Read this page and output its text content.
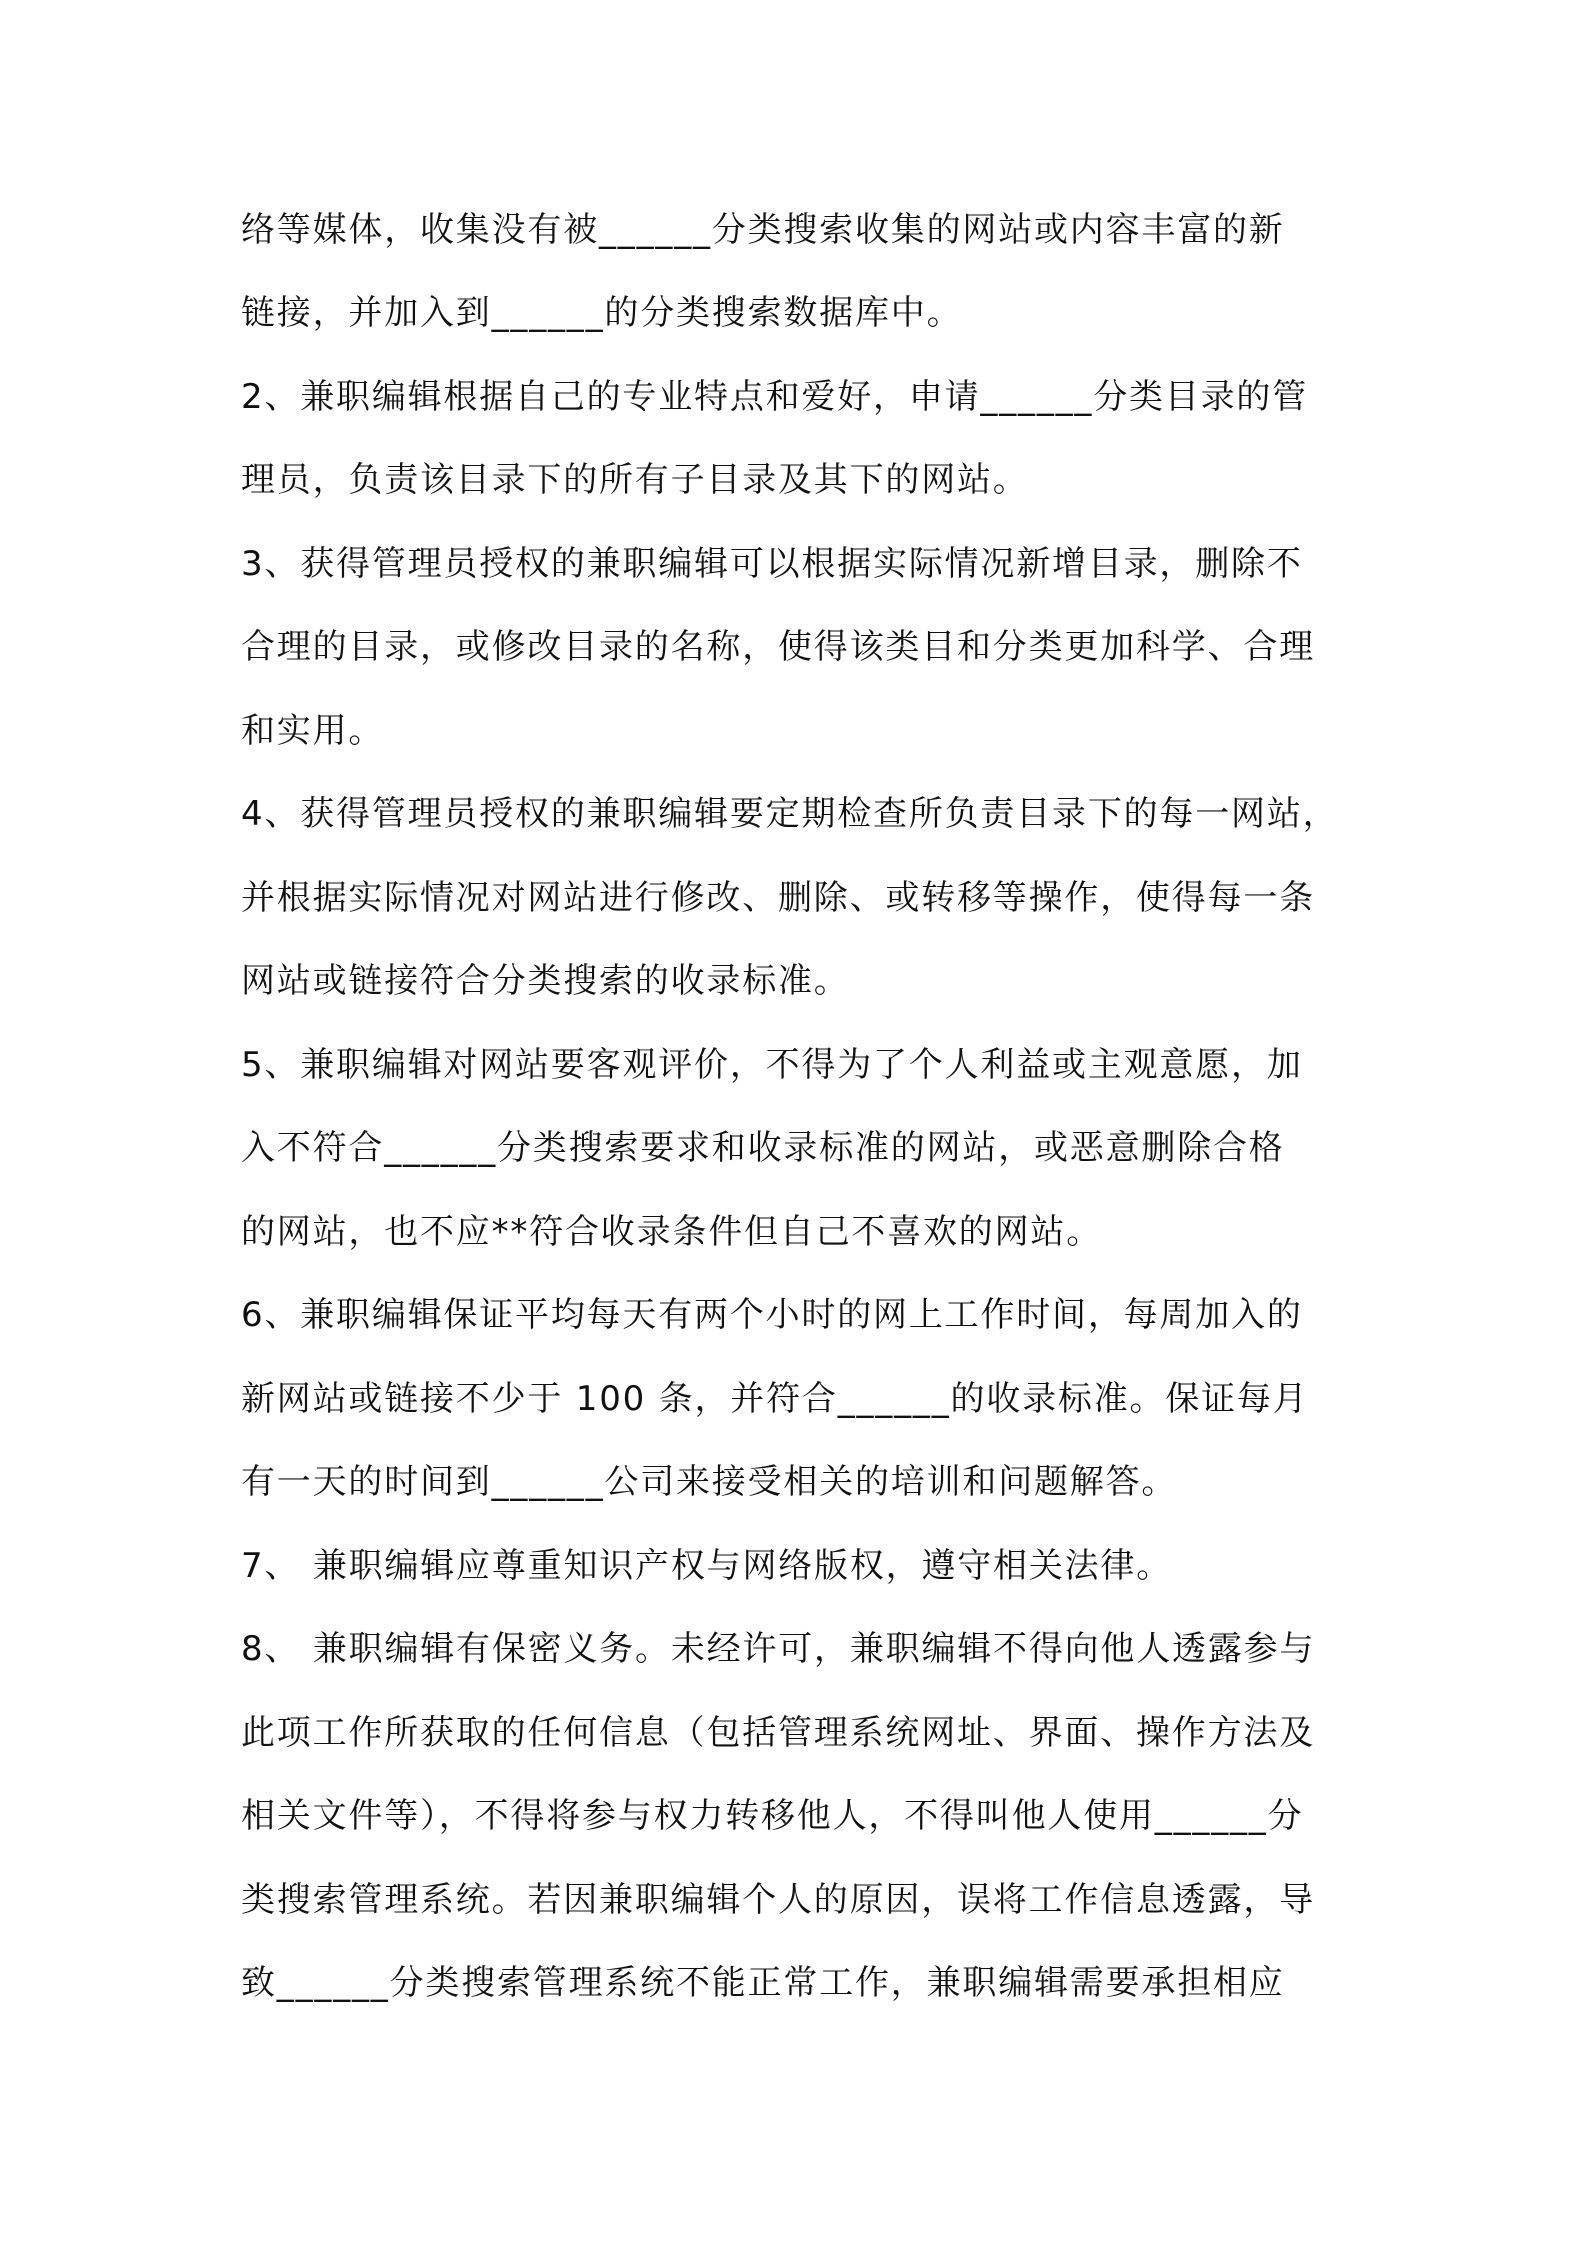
络等媒体，收集没有被______分类搜索收集的网站或内容丰富的新

链接，并加入到______的分类搜索数据库中。

2、兼职编辑根据自己的专业特点和爱好，申请______分类目录的管

理员，负责该目录下的所有子目录及其下的网站。

3、获得管理员授权的兼职编辑可以根据实际情况新增目录，删除不

合理的目录，或修改目录的名称，使得该类目和分类更加科学、合理

和实用。

4、获得管理员授权的兼职编辑要定期检查所负责目录下的每一网站，

并根据实际情况对网站进行修改、删除、或转移等操作，使得每一条

网站或链接符合分类搜索的收录标准。

5、兼职编辑对网站要客观评价，不得为了个人利益或主观意愿，加

入不符合______分类搜索要求和收录标准的网站，或恶意删除合格

的网站，也不应**符合收录条件但自己不喜欢的网站。

6、兼职编辑保证平均每天有两个小时的网上工作时间，每周加入的

新网站或链接不少于 100 条，并符合______的收录标准。保证每月

有一天的时间到______公司来接受相关的培训和问题解答。

7、 兼职编辑应尊重知识产权与网络版权，遵守相关法律。

8、 兼职编辑有保密义务。未经许可，兼职编辑不得向他人透露参与

此项工作所获取的任何信息（包括管理系统网址、界面、操作方法及

相关文件等），不得将参与权力转移他人，不得叫他人使用______分

类搜索管理系统。若因兼职编辑个人的原因，误将工作信息透露，导

致______分类搜索管理系统不能正常工作，兼职编辑需要承担相应
